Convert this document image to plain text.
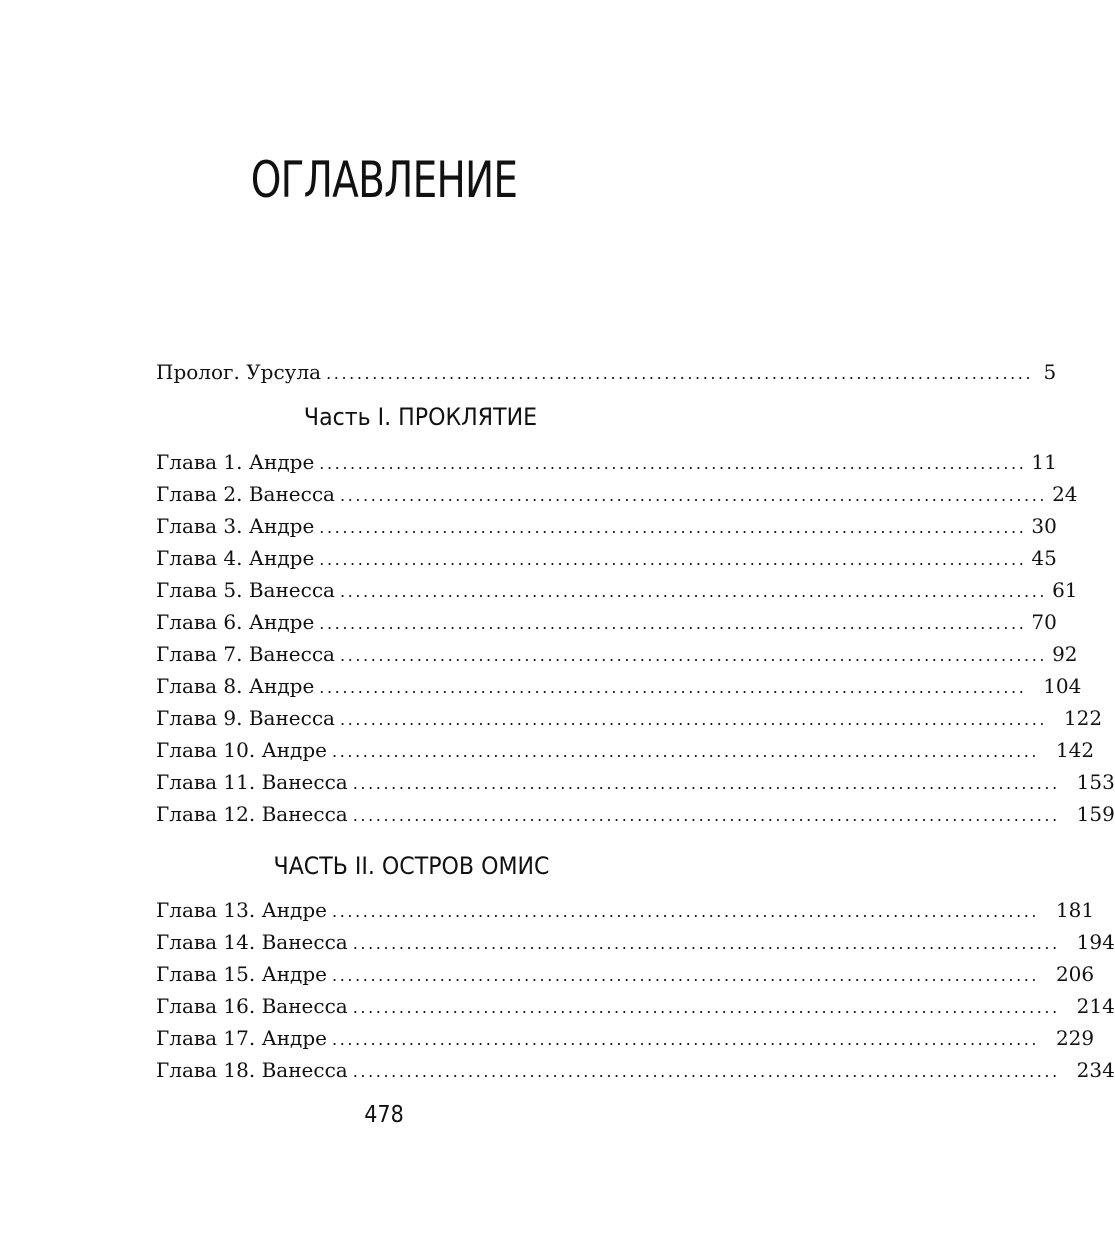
ОГЛАВЛЕНИЕ
Пролог. Урсула ............................................................................................ 5
Часть I. ПРОКЛЯТИЕ
Глава 1. Андре ............................................................................................ 11
Глава 2. Ванесса ............................................................................................ 24
Глава 3. Андре ............................................................................................ 30
Глава 4. Андре ............................................................................................ 45
Глава 5. Ванесса ............................................................................................ 61
Глава 6. Андре ............................................................................................ 70
Глава 7. Ванесса ............................................................................................ 92
Глава 8. Андре ............................................................................................ 104
Глава 9. Ванесса ............................................................................................ 122
Глава 10. Андре ............................................................................................ 142
Глава 11. Ванесса ............................................................................................ 153
Глава 12. Ванесса ............................................................................................ 159
ЧАСТЬ II. ОСТРОВ ОМИС
Глава 13. Андре ............................................................................................ 181
Глава 14. Ванесса ............................................................................................ 194
Глава 15. Андре ............................................................................................ 206
Глава 16. Ванесса ............................................................................................ 214
Глава 17. Андре ............................................................................................ 229
Глава 18. Ванесса ............................................................................................ 234
478
